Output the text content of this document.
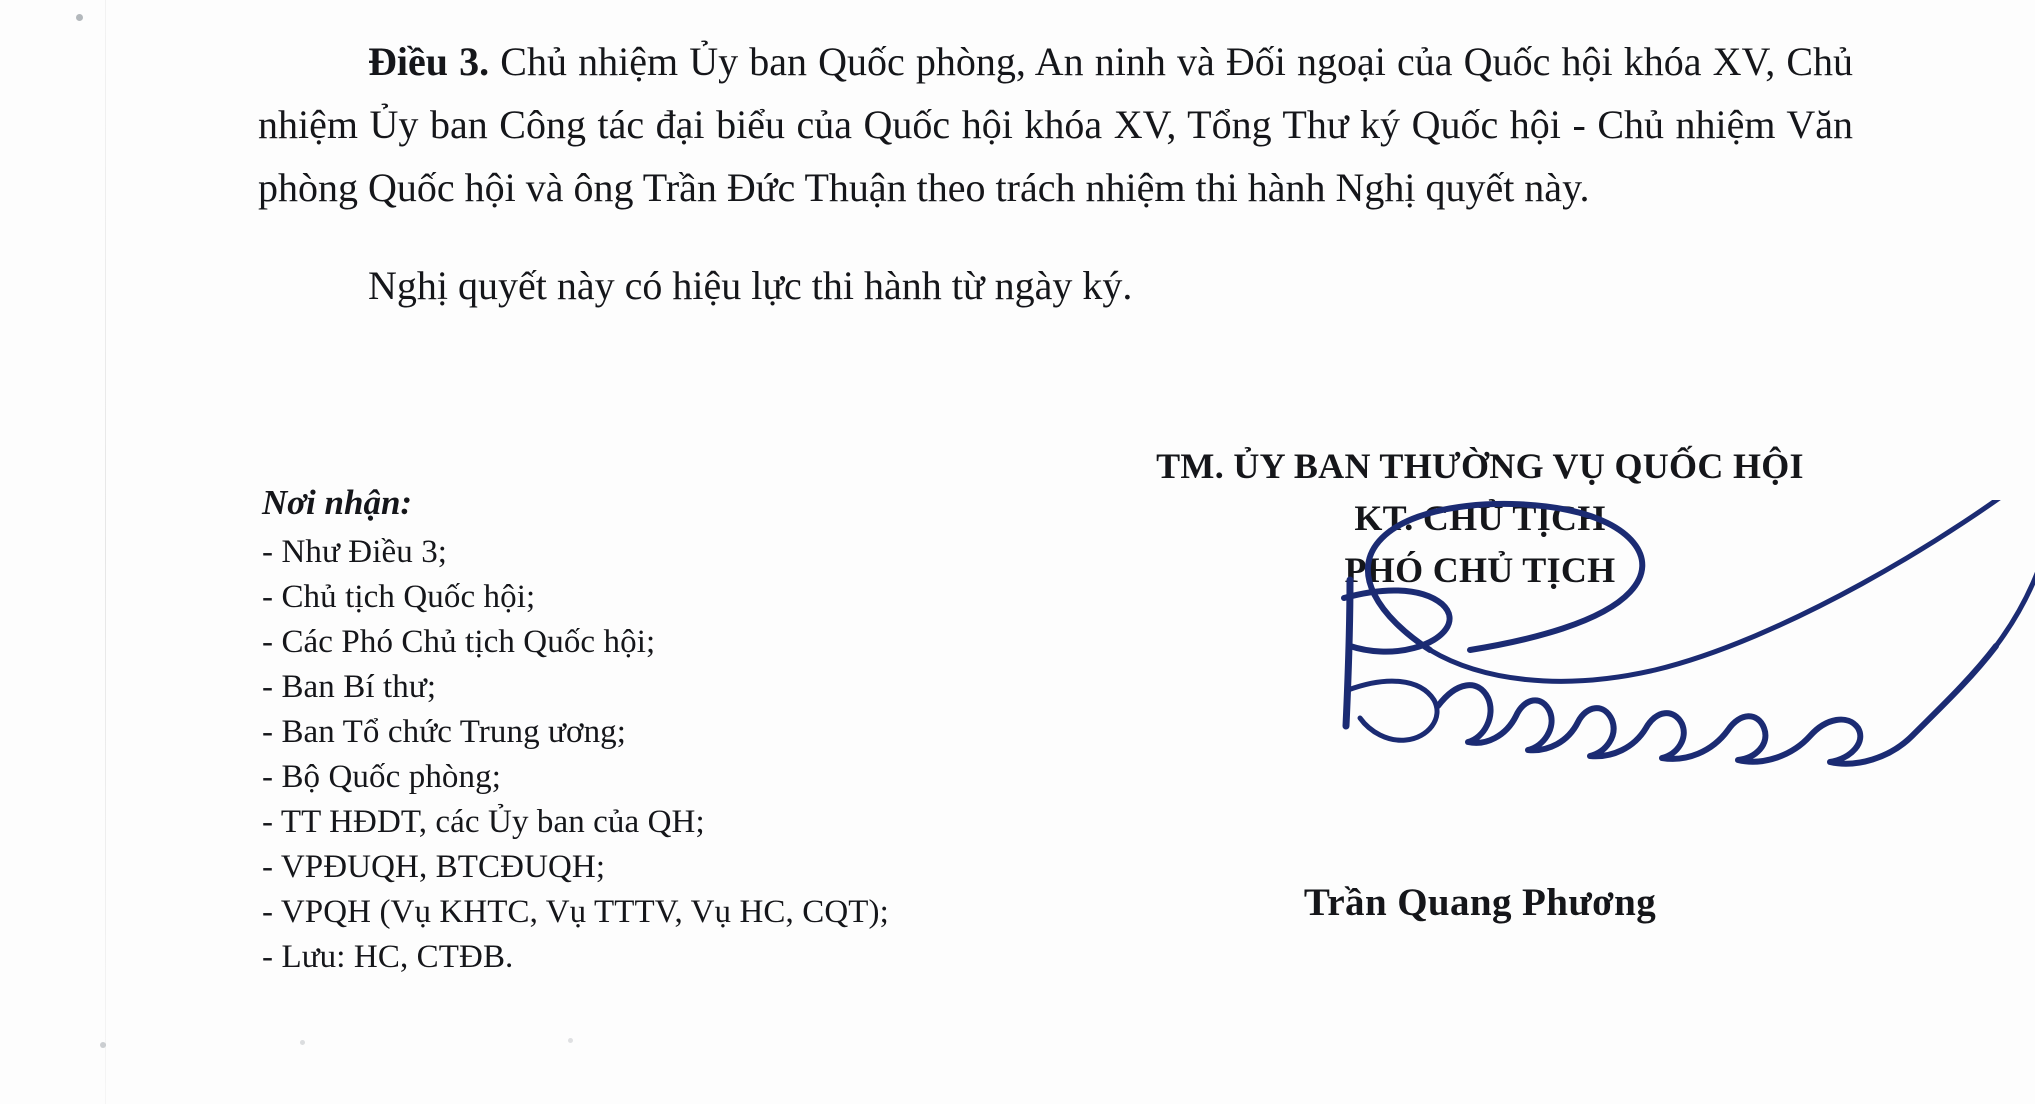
Điều 3. Chủ nhiệm Ủy ban Quốc phòng, An ninh và Đối ngoại của Quốc hội khóa XV, Chủ nhiệm Ủy ban Công tác đại biểu của Quốc hội khóa XV, Tổng Thư ký Quốc hội - Chủ nhiệm Văn phòng Quốc hội và ông Trần Đức Thuận theo trách nhiệm thi hành Nghị quyết này.

Nghị quyết này có hiệu lực thi hành từ ngày ký.

Nơi nhận:
- Như Điều 3;
- Chủ tịch Quốc hội;
- Các Phó Chủ tịch Quốc hội;
- Ban Bí thư;
- Ban Tổ chức Trung ương;
- Bộ Quốc phòng;
- TT HĐDT, các Ủy ban của QH;
- VPĐUQH, BTCĐUQH;
- VPQH (Vụ KHTC, Vụ TTTV, Vụ HC, CQT);
- Lưu: HC, CTĐB.
TM. ỦY BAN THƯỜNG VỤ QUỐC HỘI
KT. CHỦ TỊCH
PHÓ CHỦ TỊCH
Trần Quang Phương
